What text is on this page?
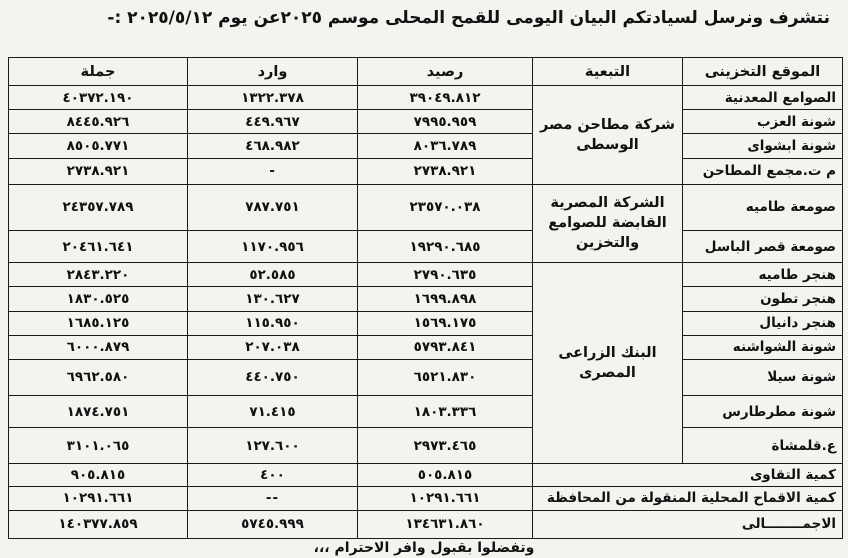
نتشرف ونرسل لسيادتكم البيان اليومى للقمح المحلى موسم ٢٠٢٥عن يوم ٢٠٢٥/٥/١٢ :-
الموقع التخزينى	التبعية	رصيد	وارد	جملة
الصوامع المعدنية	شركة مطاحن مصر الوسطى	٣٩٠٤٩.٨١٢	١٣٢٢.٣٧٨	٤٠٣٧٢.١٩٠
شونة العزب		٧٩٩٥.٩٥٩	٤٤٩.٩٦٧	٨٤٤٥.٩٢٦
شونة ابشواى		٨٠٣٦.٧٨٩	٤٦٨.٩٨٢	٨٥٠٥.٧٧١
م ت.مجمع المطاحن		٢٧٣٨.٩٢١	-	٢٧٣٨.٩٢١
صومعة طاميه	الشركة المصرية القابضة للصوامع والتخزين	٢٣٥٧٠.٠٣٨	٧٨٧.٧٥١	٢٤٣٥٧.٧٨٩
صومعة قصر الباسل		١٩٢٩٠.٦٨٥	١١٧٠.٩٥٦	٢٠٤٦١.٦٤١
هنجر طاميه	البنك الزراعى المصرى	٢٧٩٠.٦٣٥	٥٢.٥٨٥	٢٨٤٣.٢٢٠
هنجر تطون		١٦٩٩.٨٩٨	١٣٠.٦٢٧	١٨٣٠.٥٢٥
هنجر دانيال		١٥٦٩.١٧٥	١١٥.٩٥٠	١٦٨٥.١٢٥
شونة الشواشنه		٥٧٩٣.٨٤١	٢٠٧.٠٣٨	٦٠٠٠.٨٧٩
شونة سيلا		٦٥٢١.٨٣٠	٤٤٠.٧٥٠	٦٩٦٢.٥٨٠
شونة مطرطارس		١٨٠٣.٣٣٦	٧١.٤١٥	١٨٧٤.٧٥١
ع.قلمشاة		٢٩٧٣.٤٦٥	١٢٧.٦٠٠	٣١٠١.٠٦٥
كمية التقاوى		٥٠٥.٨١٥	٤٠٠	٩٠٥.٨١٥
كمية الاقماح المحلية المنقولة من المحافظة		١٠٢٩١.٦٦١	--	١٠٢٩١.٦٦١
الاجمــــــــالى		١٣٤٦٣١.٨٦٠	٥٧٤٥.٩٩٩	١٤٠٣٧٧.٨٥٩
وتفضلوا بقبول وافر الاحترام ،،،
